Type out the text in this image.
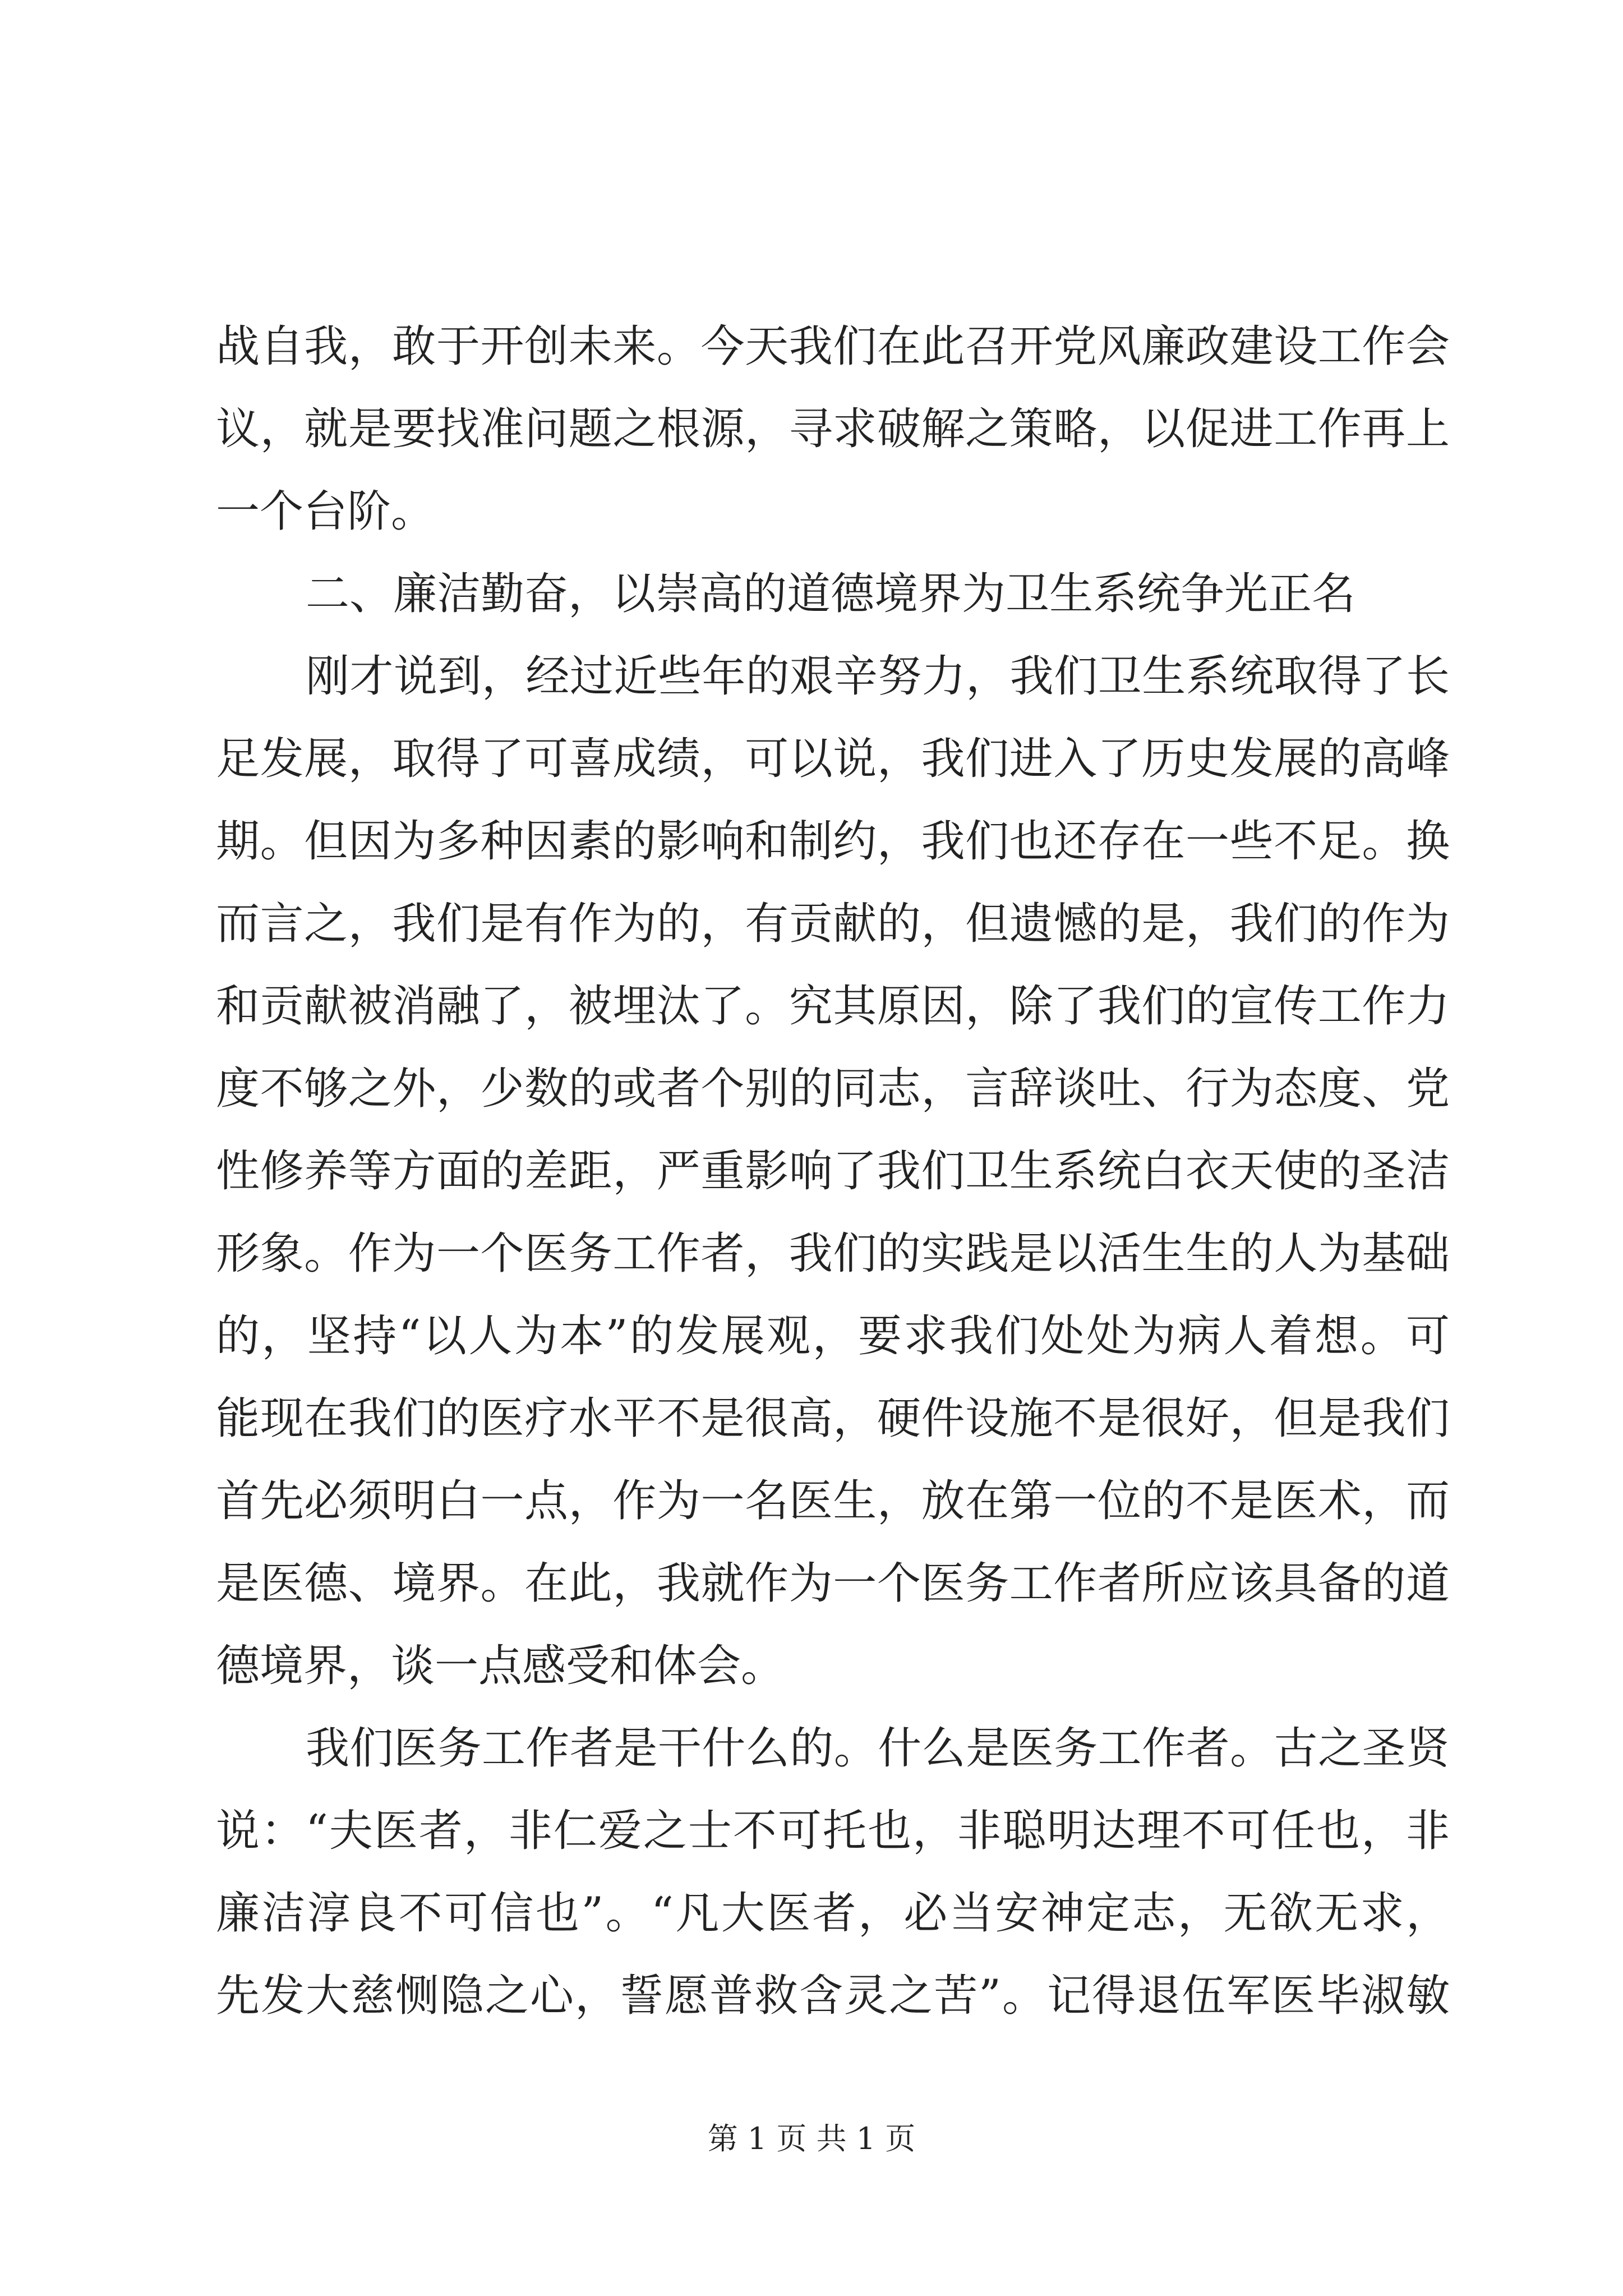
战自我，敢于开创未来。今天我们在此召开党风廉政建设工作会
议，就是要找准问题之根源，寻求破解之策略，以促进工作再上
一个台阶。
二、廉洁勤奋，以崇高的道德境界为卫生系统争光正名
刚才说到，经过近些年的艰辛努力，我们卫生系统取得了长
足发展，取得了可喜成绩，可以说，我们进入了历史发展的高峰
期。但因为多种因素的影响和制约，我们也还存在一些不足。换
而言之，我们是有作为的，有贡献的，但遗憾的是，我们的作为
和贡献被消融了，被埋汰了。究其原因，除了我们的宣传工作力
度不够之外，少数的或者个别的同志，言辞谈吐、行为态度、党
性修养等方面的差距，严重影响了我们卫生系统白衣天使的圣洁
形象。作为一个医务工作者，我们的实践是以活生生的人为基础
的，坚持“以人为本”的发展观，要求我们处处为病人着想。可
能现在我们的医疗水平不是很高，硬件设施不是很好，但是我们
首先必须明白一点，作为一名医生，放在第一位的不是医术，而
是医德、境界。在此，我就作为一个医务工作者所应该具备的道
德境界，谈一点感受和体会。
我们医务工作者是干什么的。什么是医务工作者。古之圣贤
说：“夫医者，非仁爱之士不可托也，非聪明达理不可任也，非
廉洁淳良不可信也”。“凡大医者，必当安神定志，无欲无求，
先发大慈恻隐之心，誓愿普救含灵之苦”。记得退伍军医毕淑敏
第 1 页 共 1 页
